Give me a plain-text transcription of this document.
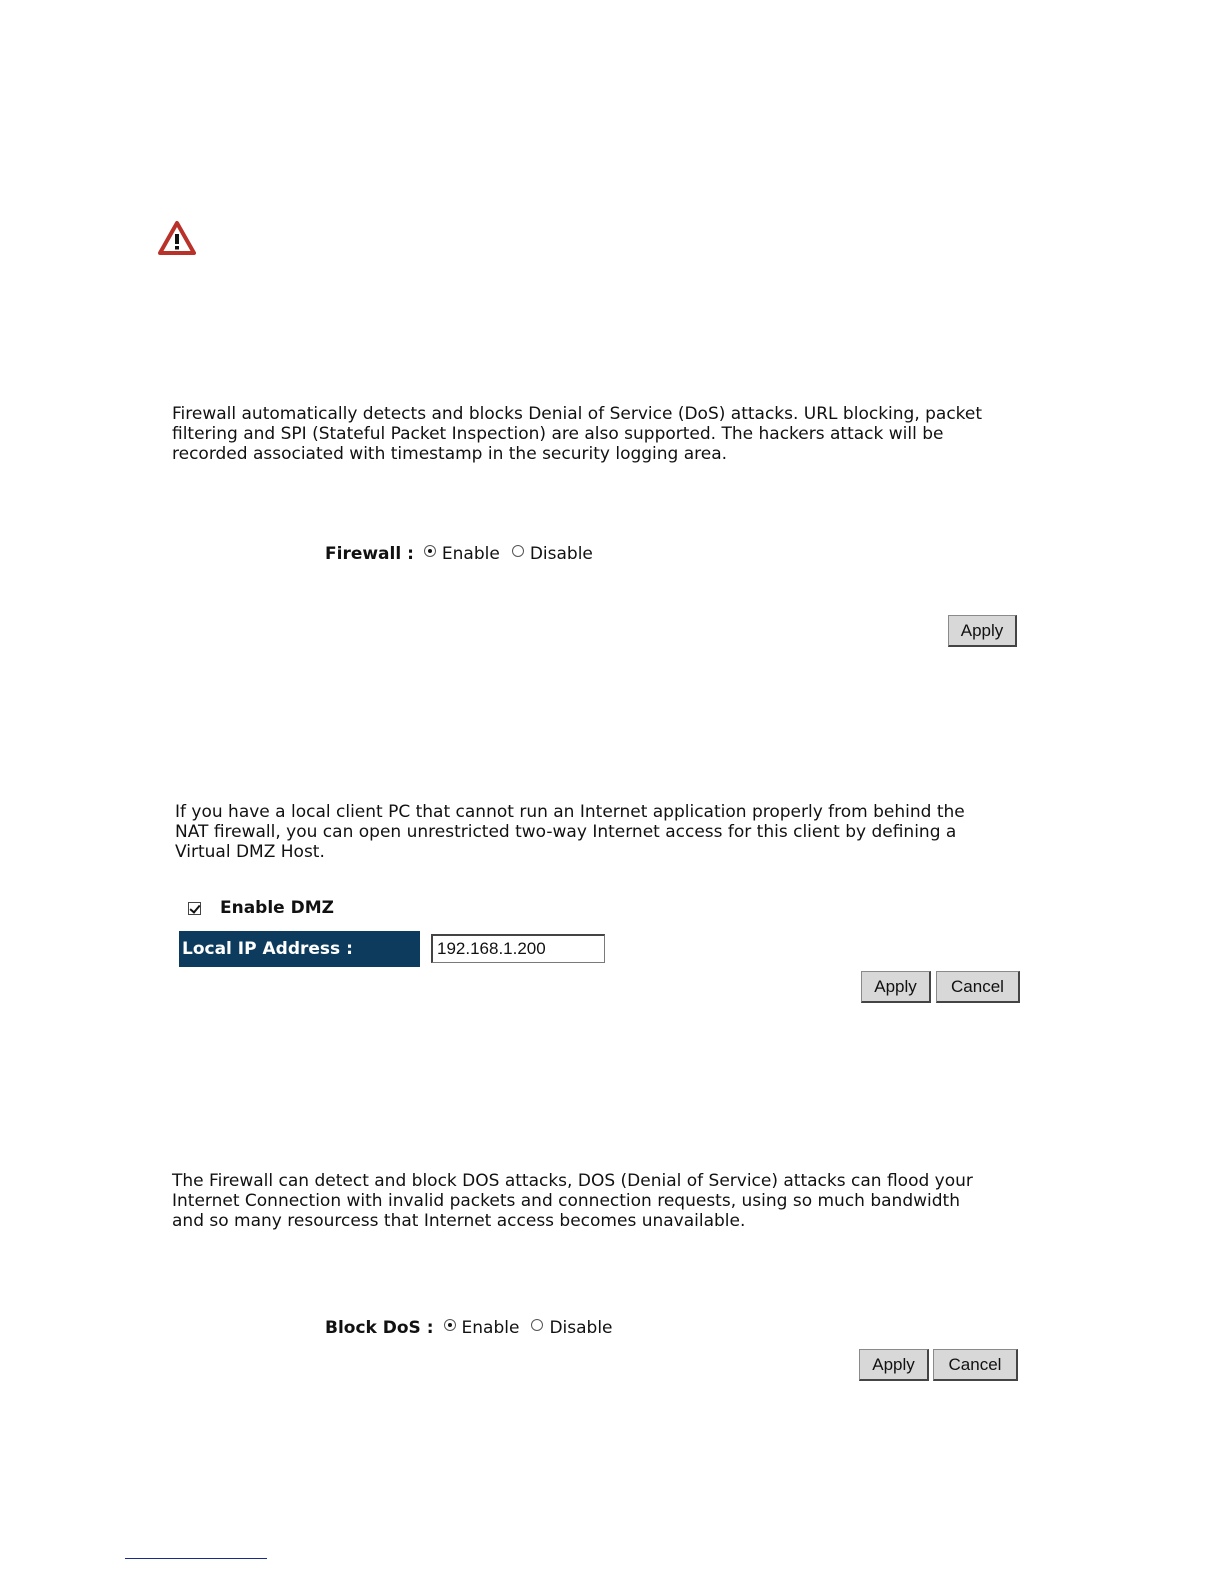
Firewall automatically detects and blocks Denial of Service (DoS) attacks. URL blocking, packet
filtering and SPI (Stateful Packet Inspection) are also supported. The hackers attack will be
recorded associated with timestamp in the security logging area.

Firewall : Enable Disable
Apply

If you have a local client PC that cannot run an Internet application properly from behind the
NAT firewall, you can open unrestricted two-way Internet access for this client by defining a
Virtual DMZ Host.

Enable DMZ
Local IP Address :
192.168.1.200
Apply	Cancel

The Firewall can detect and block DOS attacks, DOS (Denial of Service) attacks can flood your
Internet Connection with invalid packets and connection requests, using so much bandwidth
and so many resourcess that Internet access becomes unavailable.

Block DoS : Enable Disable
Apply	Cancel
